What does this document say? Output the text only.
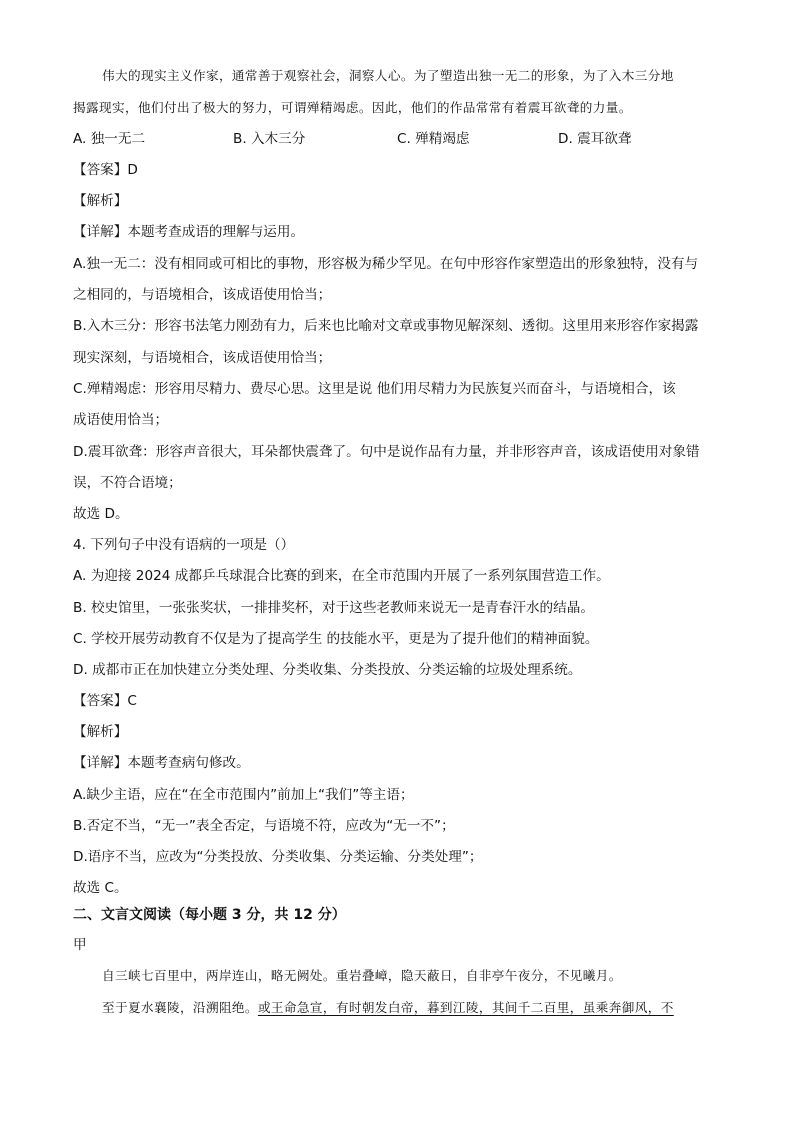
伟大的现实主义作家，通常善于观察社会，洞察人心。为了塑造出独一无二的形象，为了入木三分地
揭露现实，他们付出了极大的努力，可谓殚精竭虑。因此，他们的作品常常有着震耳欲聋的力量。
A. 独一无二	B. 入木三分	C. 殚精竭虑	D. 震耳欲聋
【答案】D
【解析】
【详解】本题考查成语的理解与运用。
A.独一无二：没有相同或可相比的事物，形容极为稀少罕见。在句中形容作家塑造出的形象独特，没有与
之相同的，与语境相合，该成语使用恰当；
B.入木三分：形容书法笔力刚劲有力，后来也比喻对文章或事物见解深刻、透彻。这里用来形容作家揭露
现实深刻，与语境相合，该成语使用恰当；
C.殚精竭虑：形容用尽精力、费尽心思。这里是说 他们用尽精力为民族复兴而奋斗，与语境相合，该
成语使用恰当；
D.震耳欲聋：形容声音很大，耳朵都快震聋了。句中是说作品有力量，并非形容声音，该成语使用对象错
误，不符合语境；
故选 D。
4. 下列句子中没有语病的一项是（）
A. 为迎接 2024 成都乒乓球混合比赛的到来，在全市范围内开展了一系列氛围营造工作。
B. 校史馆里，一张张奖状，一排排奖杯，对于这些老教师来说无一是青春汗水的结晶。
C. 学校开展劳动教育不仅是为了提高学生 的技能水平，更是为了提升他们的精神面貌。
D. 成都市正在加快建立分类处理、分类收集、分类投放、分类运输的垃圾处理系统。
【答案】C
【解析】
【详解】本题考查病句修改。
A.缺少主语，应在“在全市范围内”前加上“我们”等主语；
B.否定不当，“无一”表全否定，与语境不符，应改为“无一不”；
D.语序不当，应改为“分类投放、分类收集、分类运输、分类处理”；
故选 C。
二、文言文阅读（每小题 3 分，共 12 分）
甲
自三峡七百里中，两岸连山，略无阙处。重岩叠嶂，隐天蔽日，自非亭午夜分，不见曦月。
至于夏水襄陵，沿溯阻绝。或王命急宣，有时朝发白帝，暮到江陵，其间千二百里，虽乘奔御风，不
